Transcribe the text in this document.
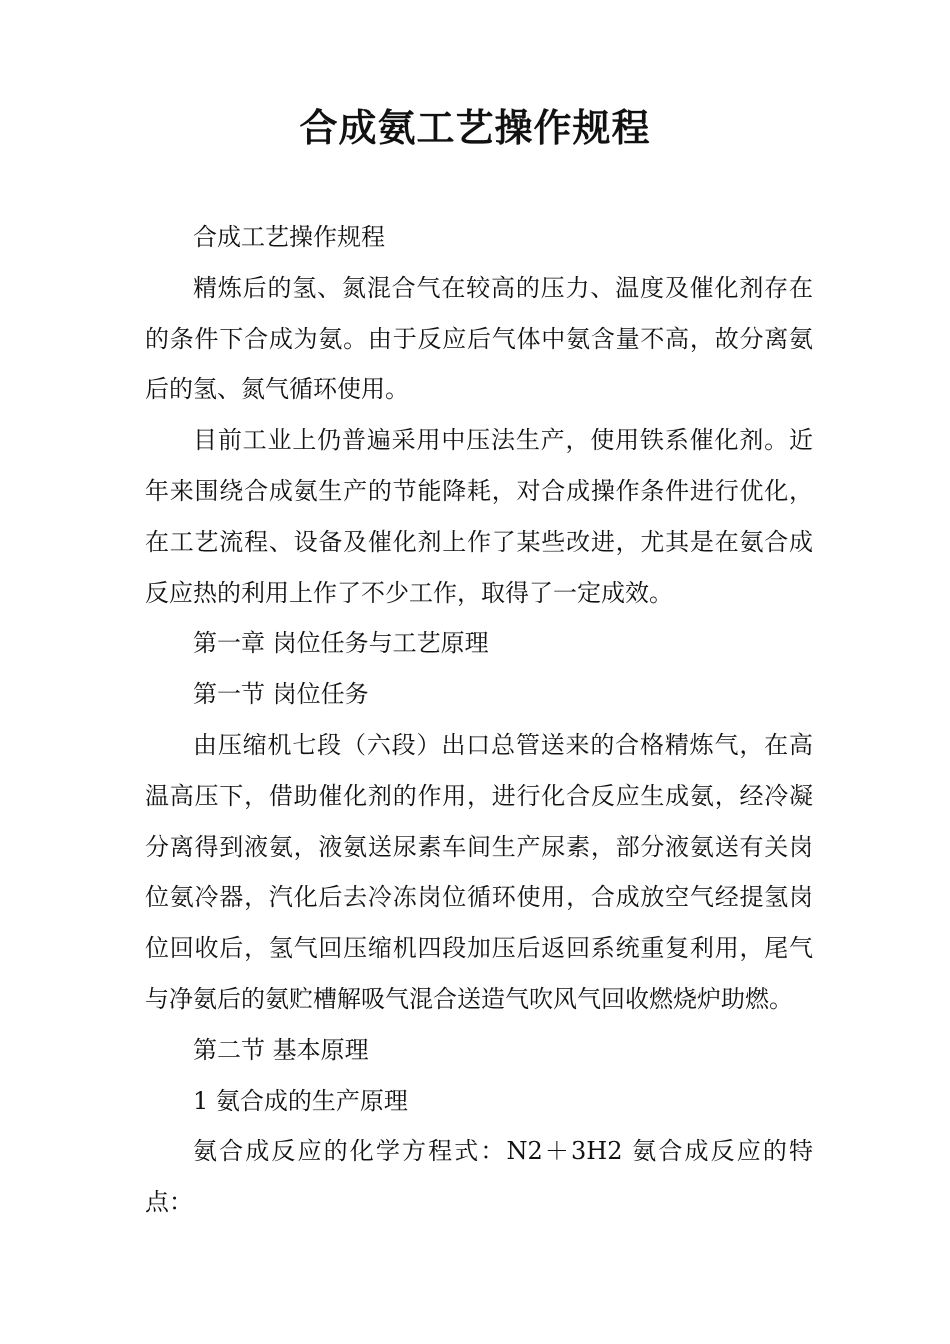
合成氨工艺操作规程

合成工艺操作规程

精炼后的氢、氮混合气在较高的压力、温度及催化剂存在的条件下合成为氨。由于反应后气体中氨含量不高，故分离氨后的氢、氮气循环使用。

目前工业上仍普遍采用中压法生产，使用铁系催化剂。近年来围绕合成氨生产的节能降耗，对合成操作条件进行优化，在工艺流程、设备及催化剂上作了某些改进，尤其是在氨合成反应热的利用上作了不少工作，取得了一定成效。

第一章 岗位任务与工艺原理

第一节 岗位任务

由压缩机七段（六段）出口总管送来的合格精炼气，在高温高压下，借助催化剂的作用，进行化合反应生成氨，经冷凝分离得到液氨，液氨送尿素车间生产尿素，部分液氨送有关岗位氨冷器，汽化后去冷冻岗位循环使用，合成放空气经提氢岗位回收后，氢气回压缩机四段加压后返回系统重复利用，尾气与净氨后的氨贮槽解吸气混合送造气吹风气回收燃烧炉助燃。

第二节 基本原理

1 氨合成的生产原理

氨合成反应的化学方程式：N2＋3H2 氨合成反应的特点：
